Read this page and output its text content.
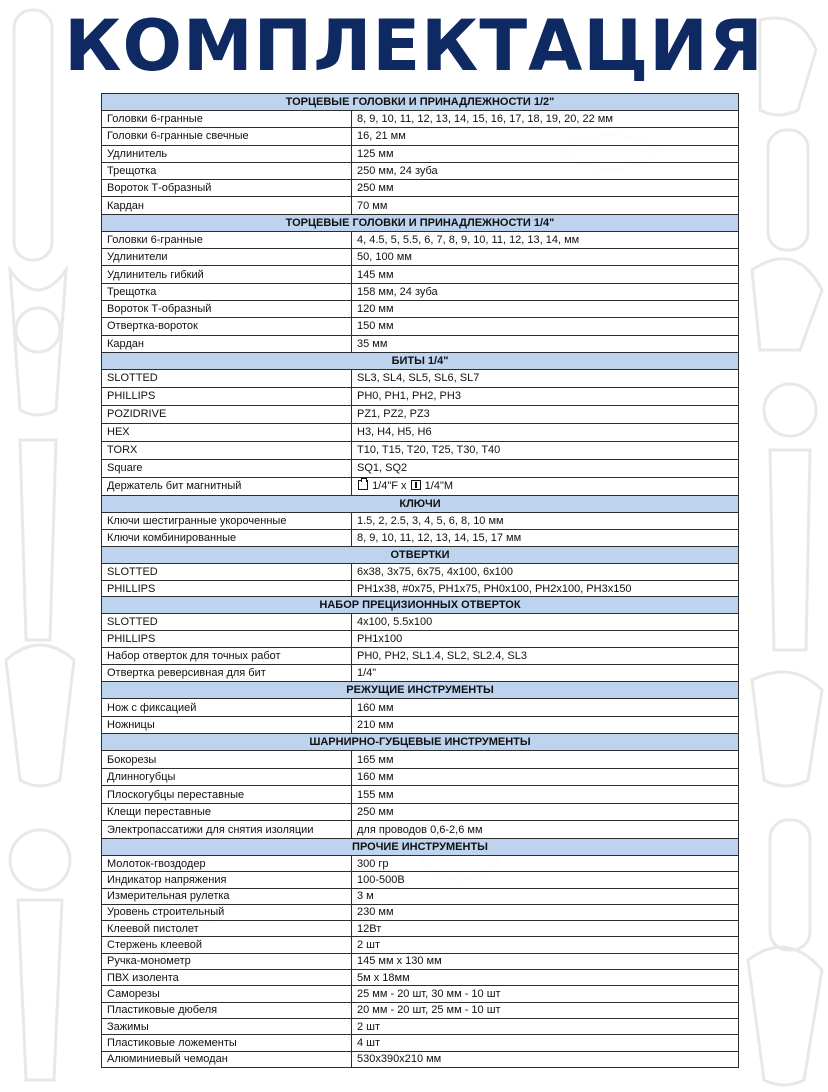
КОМПЛЕКТАЦИЯ
ТОРЦЕВЫЕ ГОЛОВКИ И ПРИНАДЛЕЖНОСТИ 1/2"	
Головки 6-гранные	8, 9, 10, 11, 12, 13, 14, 15, 16, 17, 18, 19, 20, 22 мм
Головки 6-гранные свечные	16, 21 мм
Удлинитель	125 мм
Трещотка	250 мм, 24 зуба
Вороток Т-образный	250 мм
Кардан	70 мм
ТОРЦЕВЫЕ ГОЛОВКИ И ПРИНАДЛЕЖНОСТИ 1/4"	
Головки 6-гранные	4, 4.5, 5, 5.5, 6, 7, 8, 9, 10, 11, 12, 13, 14, мм
Удлинители	50, 100 мм
Удлинитель гибкий	145 мм
Трещотка	158 мм, 24 зуба
Вороток Т-образный	120 мм
Отвертка-вороток	150 мм
Кардан	35 мм
БИТЫ 1/4"	
SLOTTED	SL3, SL4, SL5, SL6, SL7
PHILLIPS	PH0, PH1, PH2, PH3
POZIDRIVE	PZ1, PZ2, PZ3
HEX	H3, H4, H5, H6
TORX	T10, T15, T20, T25, T30, T40
Square	SQ1, SQ2
Держатель бит магнитный	1/4"F x 1/4"M
КЛЮЧИ	
Ключи шестигранные укороченные	1.5, 2, 2.5, 3, 4, 5, 6, 8, 10 мм
Ключи комбинированные	8, 9, 10, 11, 12, 13, 14, 15, 17 мм
ОТВЕРТКИ	
SLOTTED	6x38, 3x75, 6x75, 4x100, 6x100
PHILLIPS	PH1x38, #0x75, PH1x75, PH0x100, PH2x100, PH3x150
НАБОР ПРЕЦИЗИОННЫХ ОТВЕРТОК	
SLOTTED	4x100, 5.5x100
PHILLIPS	PH1x100
Набор отверток для точных работ	PH0, PH2, SL1.4, SL2, SL2.4, SL3
Отвертка реверсивная для бит	1/4"
РЕЖУЩИЕ ИНСТРУМЕНТЫ	
Нож с фиксацией	160 мм
Ножницы	210 мм
ШАРНИРНО-ГУБЦЕВЫЕ ИНСТРУМЕНТЫ	
Бокорезы	165 мм
Длинногубцы	160 мм
Плоскогубцы переставные	155 мм
Клещи переставные	250 мм
Электропассатижи для снятия изоляции	для проводов 0,6-2,6 мм
ПРОЧИЕ ИНСТРУМЕНТЫ	
Молоток-гвоздодер	300 гр
Индикатор напряжения	100-500В
Измерительная рулетка	3 м
Уровень строительный	230 мм
Клеевой пистолет	12Вт
Стержень клеевой	2 шт
Ручка-монометр	145 мм x 130 мм
ПВХ изолента	5м x 18мм
Саморезы	25 мм - 20 шт, 30 мм - 10 шт
Пластиковые дюбеля	20 мм - 20 шт, 25 мм - 10 шт
Зажимы	2 шт
Пластиковые ложементы	4 шт
Алюминиевый чемодан	530x390x210 мм
